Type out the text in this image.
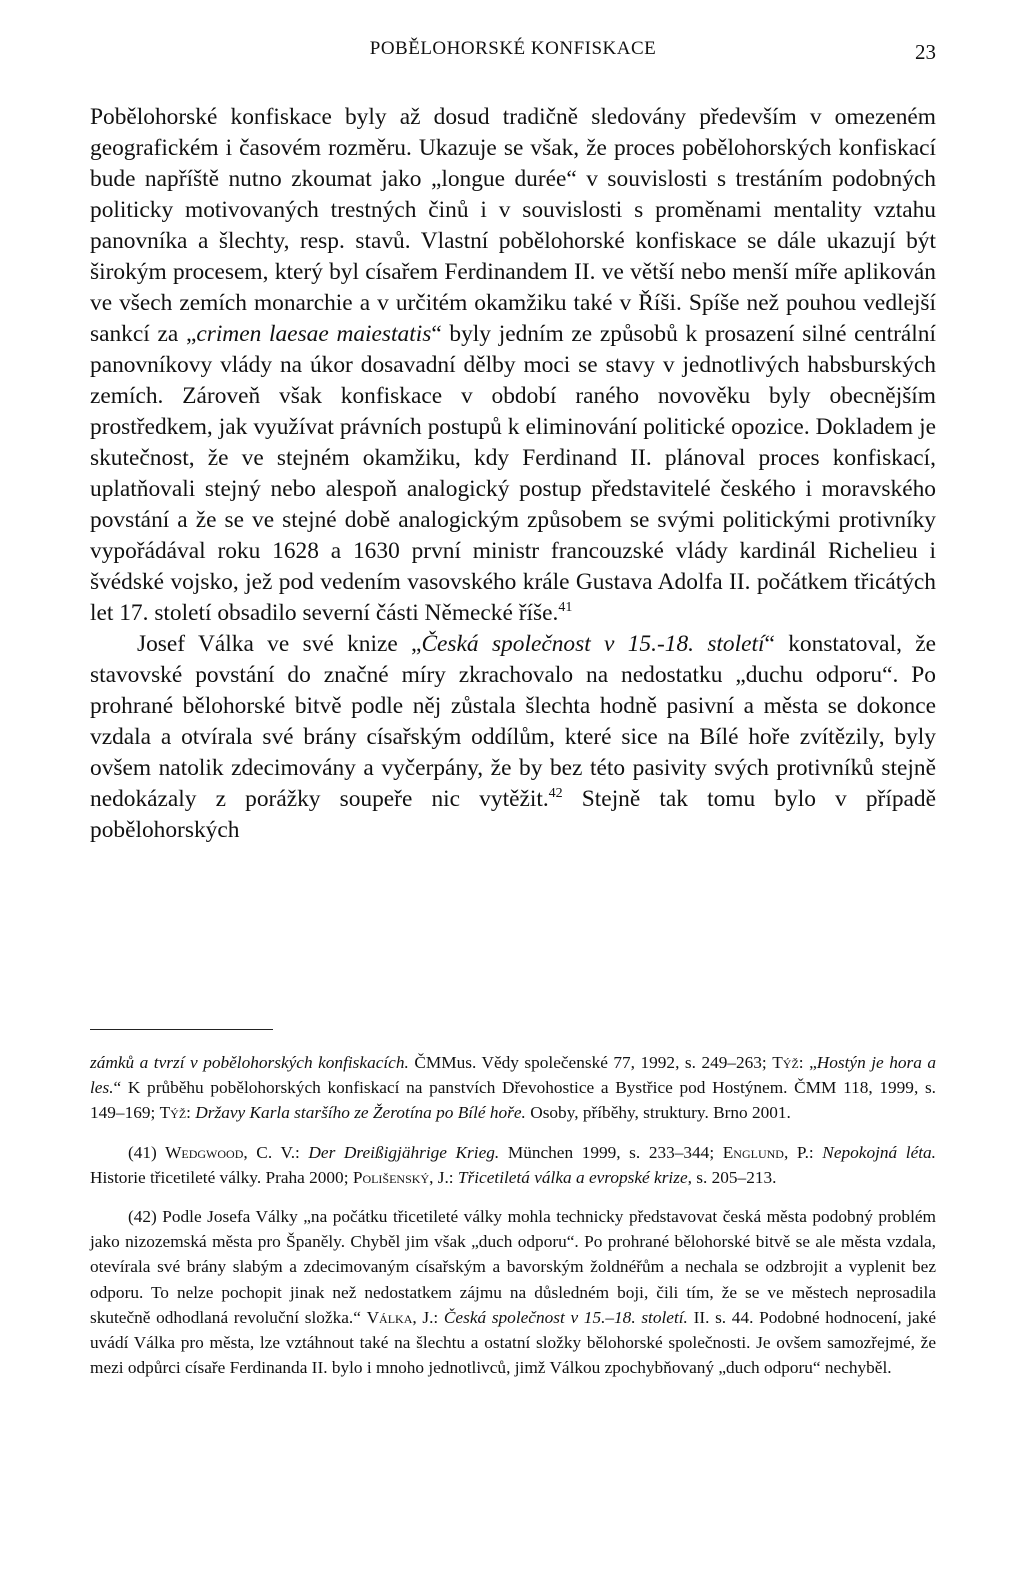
POBĚLOHORSKÉ KONFISKACE	23

Pobělohorské konfiskace byly až dosud tradičně sledovány především v omezeném geografickém i časovém rozměru. Ukazuje se však, že proces pobělohorských konfiskací bude napříště nutno zkoumat jako „longue durée“ v souvislosti s trestáním podobných politicky motivovaných trestných činů i v souvislosti s proměnami mentality vztahu panovníka a šlechty, resp. stavů. Vlastní pobělohorské konfiskace se dále ukazují být širokým procesem, který byl císařem Ferdinandem II. ve větší nebo menší míře aplikován ve všech zemích monarchie a v určitém okamžiku také v Říši. Spíše než pouhou vedlejší sankcí za „crimen laesae maiestatis“ byly jedním ze způsobů k prosazení silné centrální panovníkovy vlády na úkor dosavadní dělby moci se stavy v jednotlivých habsburských zemích. Zároveň však konfiskace v období raného novověku byly obecnějším prostředkem, jak využívat právních postupů k eliminování politické opozice. Dokladem je skutečnost, že ve stejném okamžiku, kdy Ferdinand II. plánoval proces konfiskací, uplatňovali stejný nebo alespoň analogický postup představitelé českého i moravského povstání a že se ve stejné době analogickým způsobem se svými politickými protivníky vypořádával roku 1628 a 1630 první ministr francouzské vlády kardinál Richelieu i švédské vojsko, jež pod vedením vasovského krále Gustava Adolfa II. počátkem třicátých let 17. století obsadilo severní části Německé říše.$^{41}$

Josef Válka ve své knize „Česká společnost v 15.-18. století“ konstatoval, že stavovské povstání do značné míry zkrachovalo na nedostatku „duchu odporu“. Po prohrané bělohorské bitvě podle něj zůstala šlechta hodně pasivní a města se dokonce vzdala a otvírala své brány císařským oddílům, které sice na Bílé hoře zvítězily, byly ovšem natolik zdecimovány a vyčerpány, že by bez této pasivity svých protivníků stejně nedokázaly z porážky soupeře nic vytěžit.$^{42}$ Stejně tak tomu bylo v případě pobělohorských

zámků a tvrzí v pobělohorských konfiskacích. ČMMus. Vědy společenské 77, 1992, s. 249–263; Týž: „Hostýn je hora a les.“ K průběhu pobělohorských konfiskací na panstvích Dřevohostice a Bystřice pod Hostýnem. ČMM 118, 1999, s. 149–169; Týž: Državy Karla staršího ze Žerotína po Bílé hoře. Osoby, příběhy, struktury. Brno 2001.

(41) Wedgwood, C. V.: Der Dreißigjährige Krieg. München 1999, s. 233–344; Englund, P.: Nepokojná léta. Historie třicetileté války. Praha 2000; Polišenský, J.: Třicetiletá válka a evropské krize, s. 205–213.

(42) Podle Josefa Války „na počátku třicetileté války mohla technicky představovat česká města podobný problém jako nizozemská města pro Španěly. Chyběl jim však „duch odporu“. Po prohrané bělohorské bitvě se ale města vzdala, otevírala své brány slabým a zdecimovaným císařským a bavorským žoldnéřům a nechala se odzbrojit a vyplenit bez odporu. To nelze pochopit jinak než nedostatkem zájmu na důsledném boji, čili tím, že se ve městech neprosadila skutečně odhodlaná revoluční složka.“ Válka, J.: Česká společnost v 15.–18. století. II. s. 44. Podobné hodnocení, jaké uvádí Válka pro města, lze vztáhnout také na šlechtu a ostatní složky bělohorské společnosti. Je ovšem samozřejmé, že mezi odpůrci císaře Ferdinanda II. bylo i mnoho jednotlivců, jimž Válkou zpochybňovaný „duch odporu“ nechyběl.
